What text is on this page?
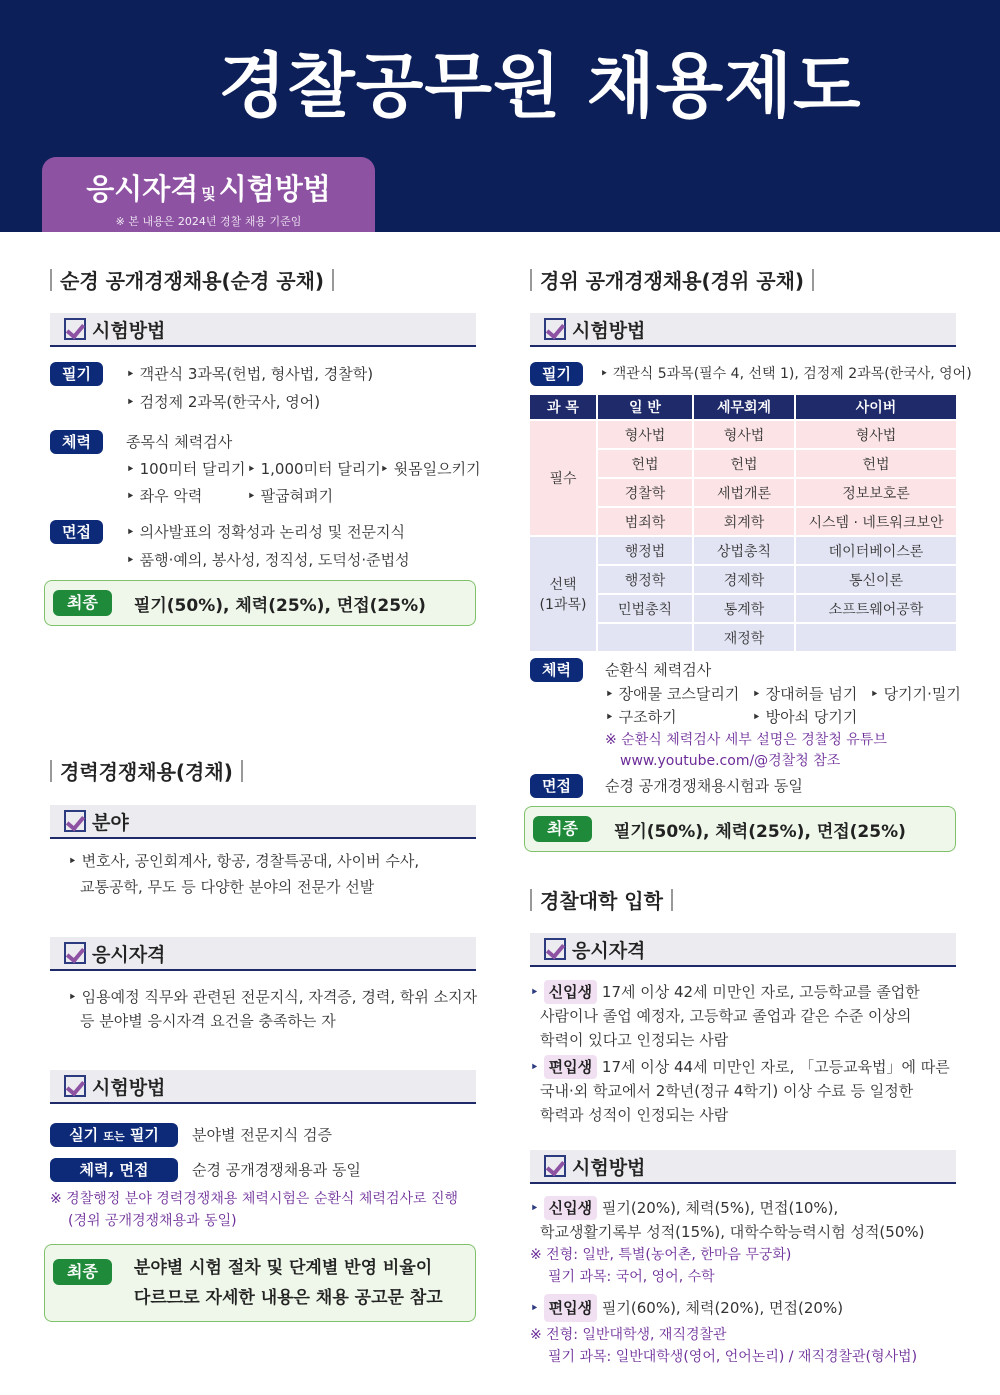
경찰공무원 채용제도
응시자격 및 시험방법
※ 본 내용은 2024년 경찰 채용 기준임
순경 공개경쟁채용(순경 공채)
시험방법
필기	‣ 객관식 3과목(헌법, 형사법, 경찰학)
‣ 검정제 2과목(한국사, 영어)
체력	종목식 체력검사
‣ 100미터 달리기	‣ 1,000미터 달리기 ‣ 윗몸일으키기
‣ 좌우 악력	‣ 팔굽혀펴기
면접	‣ 의사발표의 정확성과 논리성 및 전문지식
‣ 품행·예의, 봉사성, 정직성, 도덕성·준법성
최종	필기(50%), 체력(25%), 면접(25%)
경력경쟁채용(경채)
분야
‣ 변호사, 공인회계사, 항공, 경찰특공대, 사이버 수사,
교통공학, 무도 등 다양한 분야의 전문가 선발
응시자격
‣ 임용예정 직무와 관련된 전문지식, 자격증, 경력, 학위 소지자
등 분야별 응시자격 요건을 충족하는 자
시험방법
실기 또는 필기	분야별 전문지식 검증
체력, 면접	순경 공개경쟁채용과 동일
※ 경찰행정 분야 경력경쟁채용 체력시험은 순환식 체력검사로 진행
(경위 공개경쟁채용과 동일)
최종	분야별 시험 절차 및 단계별 반영 비율이
다르므로 자세한 내용은 채용 공고문 참고
경위 공개경쟁채용(경위 공채)
시험방법
필기	‣ 객관식 5과목(필수 4, 선택 1), 검정제 2과목(한국사, 영어)
과 목	일 반	세무회계	사이버
필수	형사법	형사법	형사법
	헌법	헌법	헌법
	경찰학	세법개론	정보보호론
	범죄학	회계학	시스템 · 네트워크보안

선택
(1과목)	행정법	상법총칙	데이터베이스론
	행정학	경제학	통신이론
	민법총칙	통계학	소프트웨어공학
		재정학	
체력	순환식 체력검사
‣ 장애물 코스달리기	‣ 장대허들 넘기	‣ 당기기·밀기
‣ 구조하기	‣ 방아쇠 당기기
※ 순환식 체력검사 세부 설명은 경찰청 유튜브
www.youtube.com/@경찰청 참조
면접	순경 공개경쟁채용시험과 동일
최종	필기(50%), 체력(25%), 면접(25%)
경찰대학 입학
응시자격
‣ 신입생 17세 이상 42세 미만인 자로, 고등학교를 졸업한
사람이나 졸업 예정자, 고등학교 졸업과 같은 수준 이상의
학력이 있다고 인정되는 사람
‣ 편입생 17세 이상 44세 미만인 자로, 「고등교육법」에 따른
국내·외 학교에서 2학년(정규 4학기) 이상 수료 등 일정한
학력과 성적이 인정되는 사람
시험방법
‣ 신입생 필기(20%), 체력(5%), 면접(10%),
학교생활기록부 성적(15%), 대학수학능력시험 성적(50%)
※ 전형: 일반, 특별(농어촌, 한마음 무궁화)
필기 과목: 국어, 영어, 수학
‣ 편입생 필기(60%), 체력(20%), 면접(20%)
※ 전형: 일반대학생, 재직경찰관
필기 과목: 일반대학생(영어, 언어논리) / 재직경찰관(형사법)
